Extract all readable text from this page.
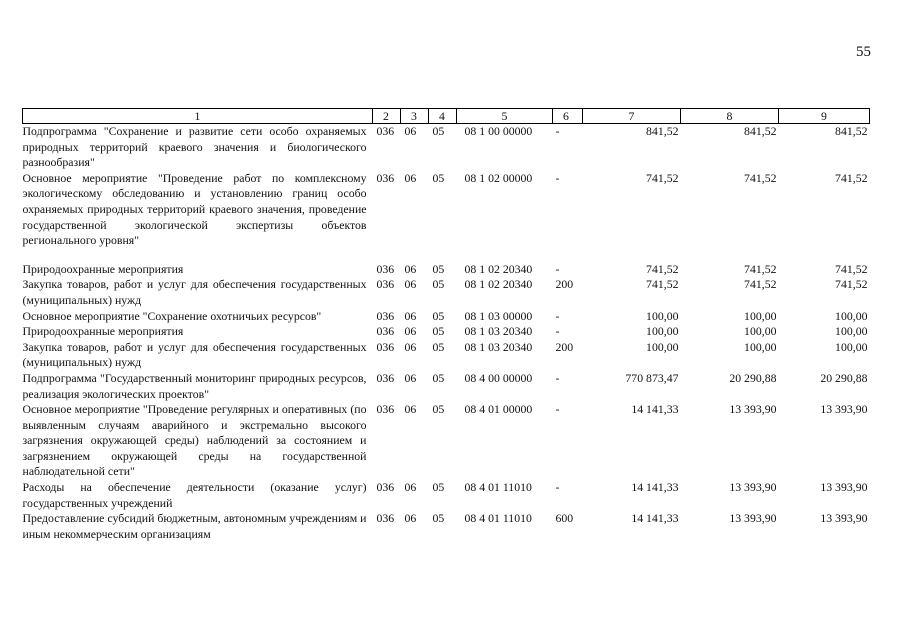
55
1	2	3	4	5	6	7	8	9
Подпрограмма "Сохранение и развитие сети особо охраняемых природных территорий краевого значения и биологического разнообразия"	036	06	05	08 1 00 00000	-	841,52	841,52	841,52
Основное мероприятие "Проведение работ по комплексному экологическому обследованию и установлению границ особо охраняемых природных территорий краевого значения, проведение государственной экологической экспертизы объектов регионального уровня"	036	06	05	08 1 02 00000	-	741,52	741,52	741,52

Природоохранные мероприятия	036	06	05	08 1 02 20340	-	741,52	741,52	741,52
Закупка товаров, работ и услуг для обеспечения государственных (муниципальных) нужд	036	06	05	08 1 02 20340	200	741,52	741,52	741,52
Основное мероприятие "Сохранение охотничьих ресурсов"	036	06	05	08 1 03 00000	-	100,00	100,00	100,00
Природоохранные мероприятия	036	06	05	08 1 03 20340	-	100,00	100,00	100,00
Закупка товаров, работ и услуг для обеспечения государственных (муниципальных) нужд	036	06	05	08 1 03 20340	200	100,00	100,00	100,00
Подпрограмма "Государственный мониторинг природных ресурсов, реализация экологических проектов"	036	06	05	08 4 00 00000	-	770 873,47	20 290,88	20 290,88
Основное мероприятие "Проведение регулярных и оперативных (по выявленным случаям аварийного и экстремально высокого загрязнения окружающей среды) наблюдений за состоянием и загрязнением окружающей среды на государственной наблюдательной сети"	036	06	05	08 4 01 00000	-	14 141,33	13 393,90	13 393,90
Расходы на обеспечение деятельности (оказание услуг) государственных учреждений	036	06	05	08 4 01 11010	-	14 141,33	13 393,90	13 393,90
Предоставление субсидий бюджетным, автономным учреждениям и иным некоммерческим организациям	036	06	05	08 4 01 11010	600	14 141,33	13 393,90	13 393,90
